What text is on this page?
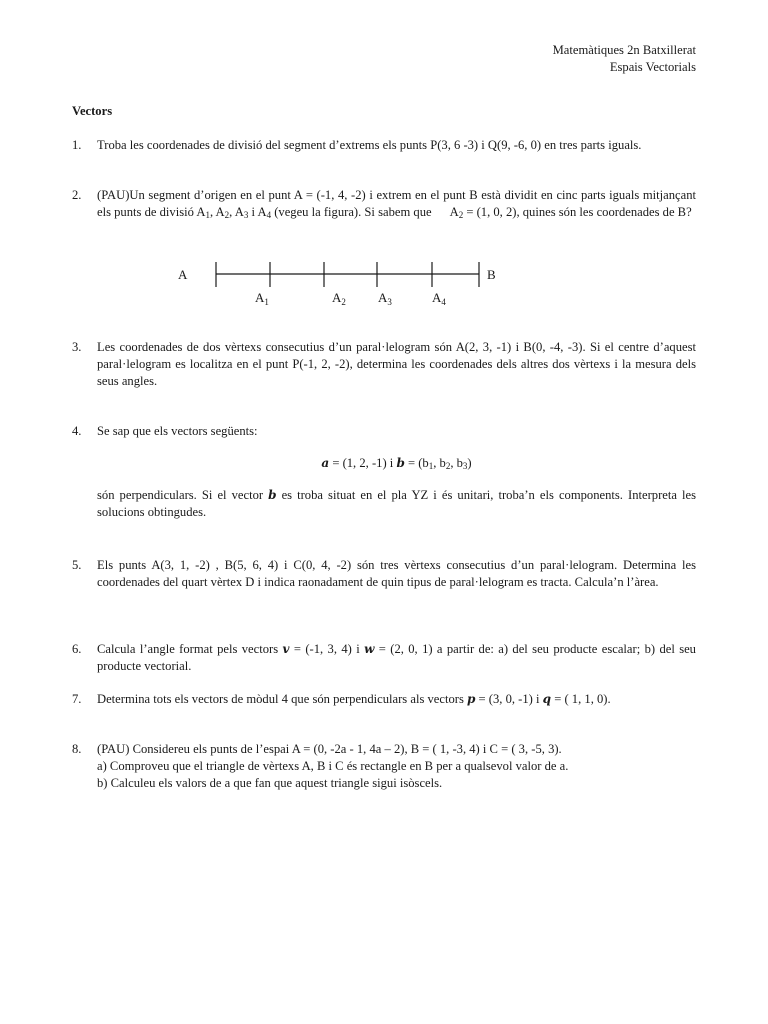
Matemàtiques 2n Batxillerat
Espais Vectorials
Vectors
1. Troba les coordenades de divisió del segment d’extrems els punts P(3, 6 -3) i Q(9, -6, 0) en tres parts iguals.
2. (PAU)Un segment d’origen en el punt A = (-1, 4, -2) i extrem en el punt B està dividit en cinc parts iguals mitjançant els punts de divisió $A_1$, $A_2$, $A_3$ i $A_4$ (vegeu la figura). Si sabem que $A_2 = (1$, 0, 2), quines són les coordenades de B?
A	B
$A_1$	$A_2$ $A_3$	$A_4$
3. Les coordenades de dos vèrtexs consecutius d’un paral·lelogram són A(2, 3, -1) i B(0, -4, -3). Si el centre d’aquest paral·lelogram es localitza en el punt P(-1, 2, -2), determina les coordenades dels altres dos vèrtexs i la mesura dels seus angles.
4. Se sap que els vectors següents:
a = (1, 2, -1) i $b = (b_1$, $b_2$, $b_3$)
són perpendiculars. Si el vector b es troba situat en el pla YZ i és unitari, troba’n els components. Interpreta les solucions obtingudes.
5. Els punts A(3, 1, -2) , B(5, 6, 4) i C(0, 4, -2) són tres vèrtexs consecutius d’un paral·lelogram. Determina les coordenades del quart vèrtex D i indica raonadament de quin tipus de paral·lelogram es tracta. Calcula’n l’àrea.
6. Calcula l’angle format pels vectors v = (-1, 3, 4) i w = (2, 0, 1) a partir de: a) del seu producte escalar; b) del seu producte vectorial.
7. Determina tots els vectors de mòdul 4 que són perpendiculars als vectors p = (3, 0, -1) i q = ( 1, 1, 0).
8. (PAU) Considereu els punts de l’espai A = (0, -2a - 1, 4a – 2), B = ( 1, -3, 4) i C = ( 3, -5, 3).
a) Comproveu que el triangle de vèrtexs A, B i C és rectangle en B per a qualsevol valor de a.
b) Calculeu els valors de a que fan que aquest triangle sigui isòscels.
